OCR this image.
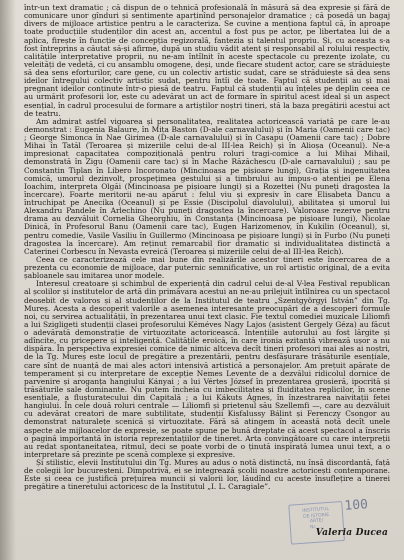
într-un text dramatic ; că dispun de o tehnică profesională în măsură să dea expresie și fără de comunicare unor gînduri și sentimente aparținînd personajelor dramatice ; că posedă un bagaj divers de mijloace artistice pentru a le caracteriza. Se cuvine a menționa faptul că, în aproape toate producțiile studenților din acest an, accentul a fost pus pe actor, pe libertatea lui de a aplica, firește în funcție de concepția regizorală, fantezia și talentul propriu. Și, cu aceasta s-a fost întreprins a căutat să-și afirme, după un studiu vădit atent și responsabil al rolului respectiv, calitățile interpretative proprii, nu ne-am întîlnit în aceste spectacole cu prezențe izolate, cu veleități de vedetă, ci cu ansamblu omogene, deși, unde fiecare student actor, care se străduiește să dea sens eforturilor, care gene, cu un colectiv artistic sudat, care se străduiește să dea sens ideilor întregului colectiv artistic sudat, pentru întîi de toate. Faptul că studenții au și mai pregnant ideilor conținute într-o piesă de teatru. Faptul că studenții au înțeles pe deplin ceea ce au urmărit profesorii lor, este cu adevărat un act de formare în spiritul acest ideal și un aspect esențial, în cadrul procesului de formare a artiștilor noștri tineri, stă la baza pregătirii acestui act de teatru.

Am admirat astfel vigoarea și personalitatea, realitatea actoricească variată pe care le-au demonstrat : Eugenia Balaure, în Mița Baston (D-ale carnavalului) și în Maria (Oamenii care tac) ; George Simonca în Nae Girimea (D-ale carnavalului) și în Casapu (Oamenii care tac) ; Dobre Mihai în Tatăl (Teroarea și mizeriile celui de-al III-lea Reich) și în Alioșa (Oceanul). Ne-a impresionat capacitatea compozițională pentru roluri tragi-comice a lui Mihai Mihail, demonstrată în Zigu (Oamenii care tac) și în Mache Răzăchescu (D-ale carnavalului) ; sau pe Constantin Tiplan în Libero Incoronato (Mincinoasa pe pișioare lungi), Grația și ingenuitatea comică, umorul dezinvolt, prospețimea gestului și a timbrului au impus-o atenției pe Elena Ioachim, interpreta Olgăi (Mincinoasa pe pișioare lungi) și a Rozettei (Nu puneți dragostea la încercare). Foarte meritorii ne-au apărut : felul viu și expresiv în care Elisabeta Dancu a întruchipat pe Anecika (Oceanul) și pe Essie (Discipolul diavolului), abilitatea și umorul lui Alexandru Pandele în Arlechino (Nu puneți dragostea la încercare). Valoroase rezerve pentru drama au dezvăluit Cornelia Gheorghiu, în Constanța (Mincinoasa pe pișioare lungi), Nicolae Dinică, în Profesorul Banu (Oamenii care tac), Eugen Harizomenov, în Kukilin (Oceanul), și, pentru comedie, Vasile Vasiliu în Guillermo (Mincinoasa pe pișioare lungi) și în Furbo (Nu puneți dragostea la încercare). Am reținut remarcabil fior dramatic și individualitatea distinctă a Caterinei Corbescu în Nevasta evreică (Teroarea și mizeriile celui de-al III-lea Reich).

Ceea ce caracterizează cele mai bune din realizările acestor tineri este încercarea de a prezenta cu economie de mijloace, dar puternic semnificative, un rol artistic original, de a evita șabloanele sau imitarea unor modele.

Interesul creatoare și schimbul de experiență din cadrul celui de-al V-lea Festival republican al școlilor și institutelor de artă din primăvara acestui an ne-au prilejuit întîlnirea cu un spectacol deosebit de valoros și al studenților de la Institutul de teatru „Szentgyörgyi István” din Tg. Mureș. Acesta a descoperit valorile a asemenea interesante preocupări de a descoperi formule noi, cu servirea actualității, în prezentarea unui text clasic. Fie textul comediei muzicale Liliomfi a lui Szigligeti studenții clasei profesorului Kéméves Nagy Lajos (asistent Gergely Géza) au făcut o adevărată demonstrație de virtuozitate actoricească. Intențiile autorului au fost lărgite și adîncite, cu pricepere și inteligență. Calitățile eroică, în care ironia ezitantă vibrează ușor a nu dispăra. În perspectiva expresiei comice de nimic altceva decît tineri profesori mai ales ai noștri, de la Tg. Mureș este locul de pregătire a prezentării, pentru desfășurare trăsăturile esențiale, care sînt de nuanță de mai ales actori intensivă artistică a personajelor. Am prețuit apărate de temperament și cu interpretare de excepție Nemes Levente de a dezvălui ridicolul dornice de parvenire și aroganța hangiului Kányai ; a lui Vértes József în prezentarea grosieră, ipocrită și trăsăturile sale dominante. Nu putem încheia cu imbecilitatea și fluiditatea replicilor, în scene esențiale, a flușturatecului din Capitală ; a lui Kákuts Ágnes, în înzestrarea naivitații fetei hangiului. În cele două roluri centrale — Liliomfi și prietenul său Szellemfi —, care au dezvăluit cu adevărat creatori de mare subtilitate, studenții Kisfalussy Bálint și Ferenczy Csongor au demonstrat naturalețe scenică și virtuozitate. Fără să atingem în această notă decît unele aspecte ale mijloacelor de expresie, se poate spune pe bună dreptate că acest spectacol a înscris o pagină importantă în istoria reprezentațiilor de tineret. Arta convingătoare cu care interpreții au redat spontaneitatea, ritmul, deci se poate vorbi de o ținută inspirată lumea unui text, a o interpretare să prezinte pe scenă complexe și expresive.

Și stilistic, elevii Institutului din Tg. Mureș au adus o notă distinctă, nu însă discordantă, față de colegii lor bucureșteni. Dimpotrivă, ei se integrează școlii noastre actoricești contemporane. Este și ceea ce justifică prețuirea muncii și valorii lor, lăudînd cu aceste însuflețire a tinerei pregătire a tineretului actoricesc de la Institutul „I. L. Caragiale”.

INSTITUTUL
DE ISTORIE
ARTEI
Nr. ....
100
Valeria Ducea
